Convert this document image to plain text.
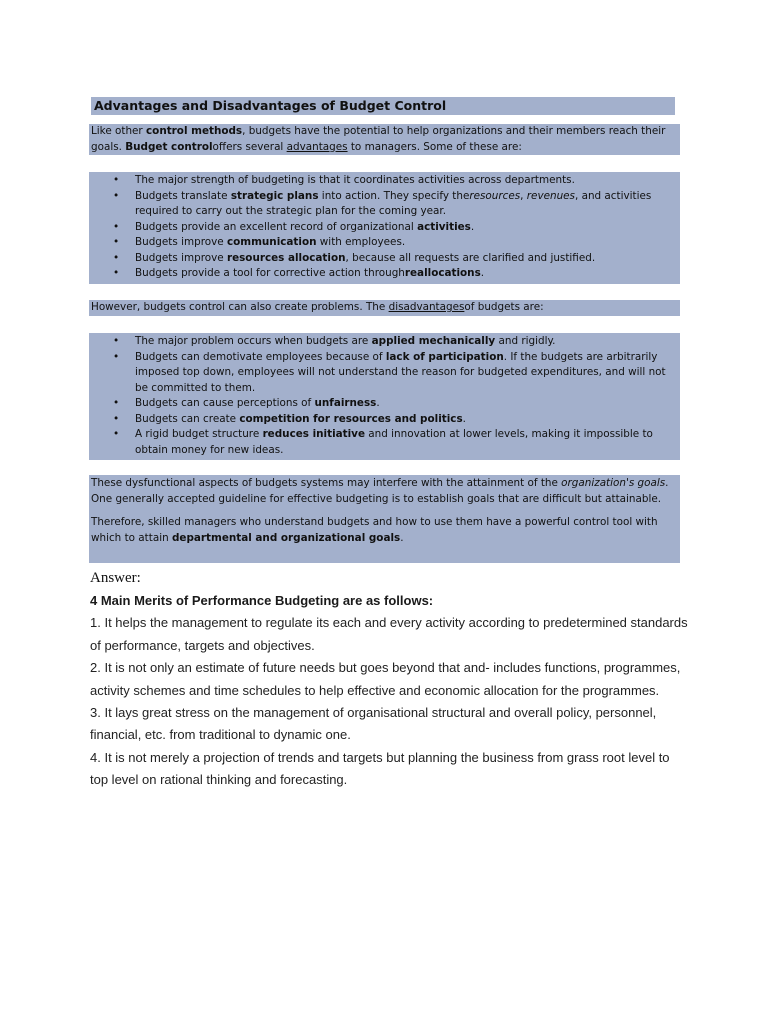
Advantages and Disadvantages of Budget Control
Like other control methods, budgets have the potential to help organizations and their members reach their goals. Budget controloffers several advantages to managers. Some of these are:
• The major strength of budgeting is that it coordinates activities across departments.
• Budgets translate strategic plans into action. They specify theresources, revenues, and activities required to carry out the strategic plan for the coming year.
• Budgets provide an excellent record of organizational activities.
• Budgets improve communication with employees.
• Budgets improve resources allocation, because all requests are clarified and justified.
• Budgets provide a tool for corrective action throughreallocations.
However, budgets control can also create problems. The disadvantagesof budgets are:
• The major problem occurs when budgets are applied mechanically and rigidly.
• Budgets can demotivate employees because of lack of participation. If the budgets are arbitrarily imposed top down, employees will not understand the reason for budgeted expenditures, and will not be committed to them.
• Budgets can cause perceptions of unfairness.
• Budgets can create competition for resources and politics.
• A rigid budget structure reduces initiative and innovation at lower levels, making it impossible to obtain money for new ideas.
These dysfunctional aspects of budgets systems may interfere with the attainment of the organization's goals. One generally accepted guideline for effective budgeting is to establish goals that are difficult but attainable.
Therefore, skilled managers who understand budgets and how to use them have a powerful control tool with which to attain departmental and organizational goals.
Answer:

4 Main Merits of Performance Budgeting are as follows:

1. It helps the management to regulate its each and every activity according to predetermined standards of performance, targets and objectives.

2. It is not only an estimate of future needs but goes beyond that and- includes functions, programmes, activity schemes and time schedules to help effective and economic allocation for the programmes.

3. It lays great stress on the management of organisational structural and overall policy, personnel, financial, etc. from traditional to dynamic one.

4. It is not merely a projection of trends and targets but planning the business from grass root level to top level on rational thinking and forecasting.
